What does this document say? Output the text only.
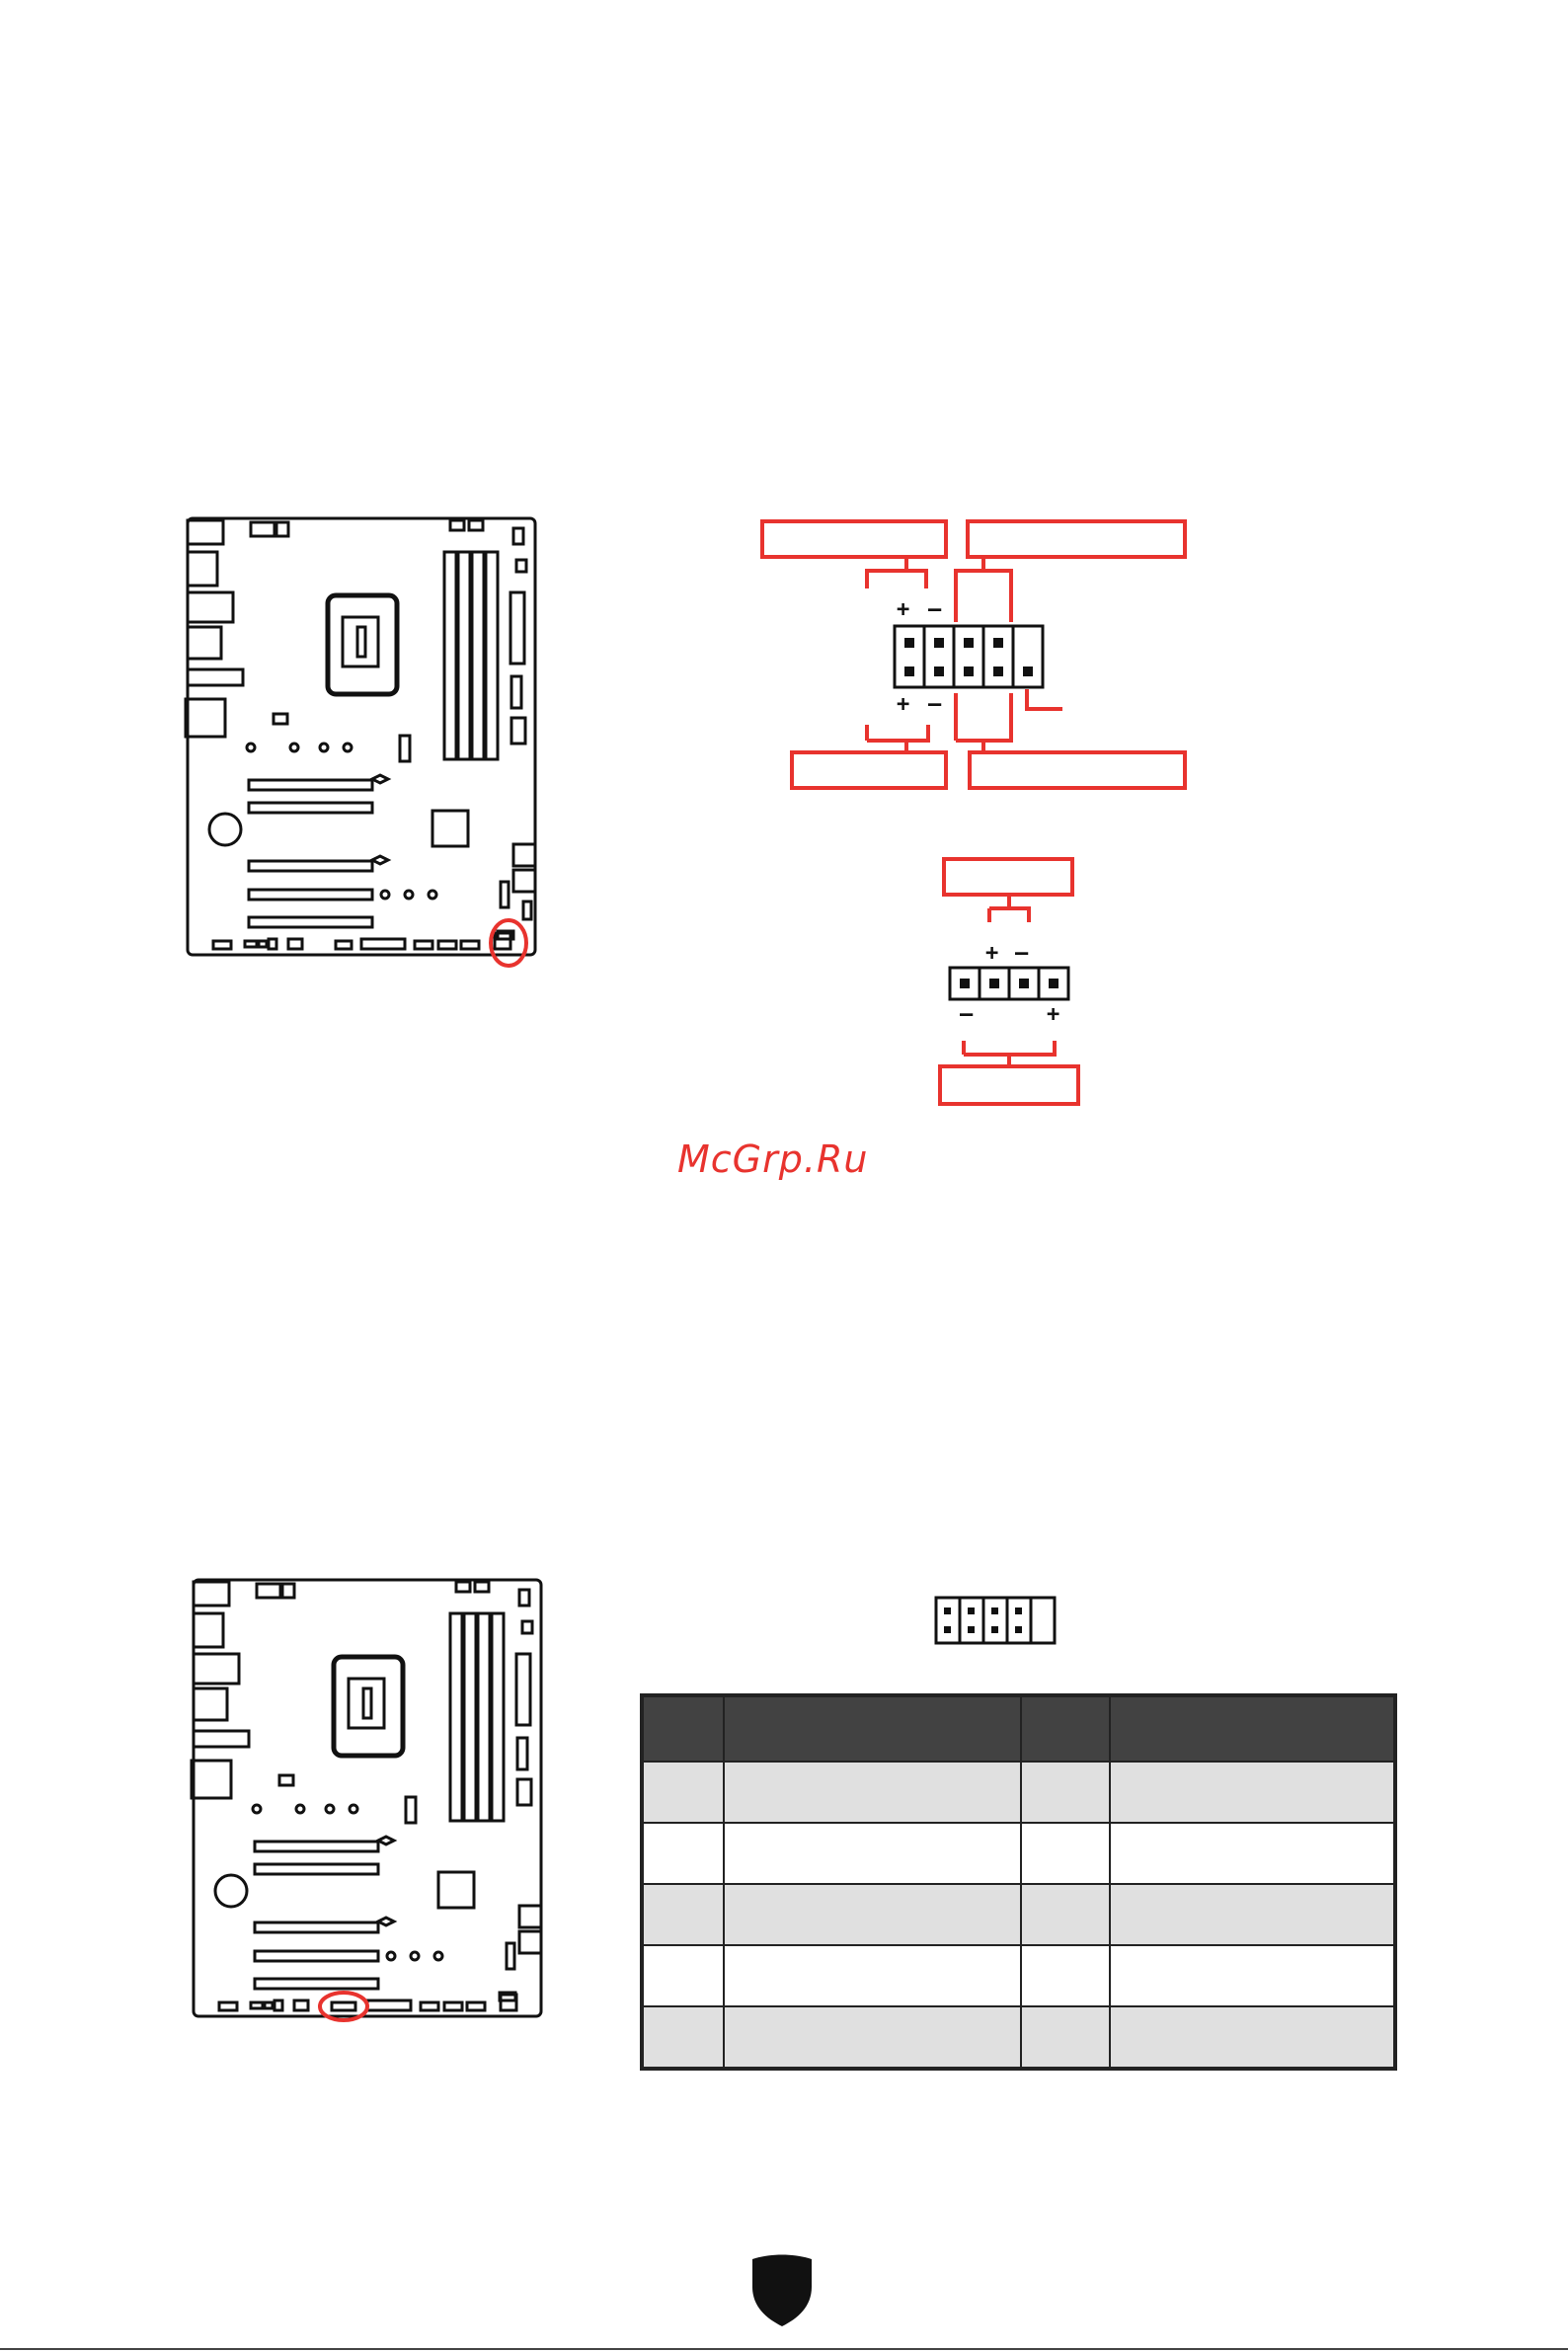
+ –
+ –
+ –
–	+
McGrp.Ru
